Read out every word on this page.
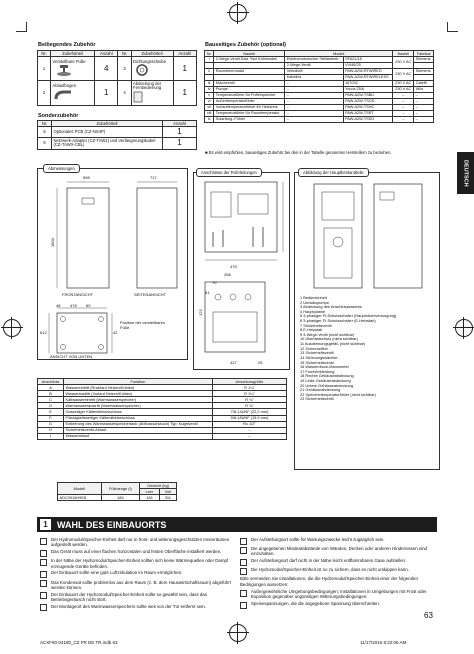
DEUTSCH
Beiliegendes Zubehör
Nr.	Zubehörteil	Anzahl	Nr.	Zubehörteil	Anzahl
1	Verstellbare Füße	4	3	Dichtungsscheibe	1
2	Ablaufbogen	1	4	Abdeckung der Fernbedienung	1
Sonderzubehör
Nr.	Zubehörteil	Anzahl
5	Optionales PCB (CZ-NS4P)	1
6	Netzwerk-Adapter (CZ-TAW1) und Verlängerungskabel (CZ-TAWX-CBL)	1
Bauseitiges Zubehör (optional)
Nr.	Bauteil	Modell		Bauteil	Fabrikat
i	2-Wege-Ventil-Satz *Nur Kühlmodell	Elektromotorischer Stellantrieb	SFA21/18	230 V AC	Siemens
		2-Wege-Ventil	VVI46/25		
ii	Raumthermostat	Verkabelt	PAW-A2W-RTWIRED	230 V AC	Siemens
		Kabellos	PAW-A2W-RTWIRELESS		
iii	Mischventil	–	167032	230 V AC	Caleffi
iv	Pumpe	–	Yonos 25/6	230 V AC	Wilo
v	Temperaturfühler für Pufferspeicher	–	PAW-A2W-TSBU	–	–
vi	Außentemperaturfühler	–	PAW-A2W-TSOD	–	–
vii	Vorlauftemperaturfühler für Heizkreis	–	PAW-A2W-TSHC	–	–
viii	Temperaturfühler für Raumtemperatur	–	PAW-A2W-TSRT	–	–
ix	Solarfang.-Fühler	–	PAW-A2W-TSSO	–	–
■ Es wird empfohlen, bauseitiges Zubehör bei den in der Tabelle genannten Herstellern zu beziehen.
Abmessungen
598	717
1800
FRONTANSICHT	SEITENANSICHT
48 478 60
612	42
Position der verstellbaren Füße
ANSICHT VON UNTEN
Anschlüsse der Rohrleitungen
475
258
70
61
122
427	25
Abbildung der Hauptbestandteile
1 Bedieneinheit
2 Umwälzpumpe
3 Abdeckung des Anschlusskastens
4 Hauptplatine
5 3-phasiger FI-Schutzschalter (Hauptstromversorgung)
6 3-phasiger FI-Schutzschalter (E-Heizstab)
7 Sicherheitsventil
8 E-Heizstab
9 3-Wege-Ventil (nicht sichtbar)
10 Überlastschutz (nicht sichtbar)
11 Ausdehnungsgefäß (nicht sichtbar)
12 Schmutzfilter
13 Sicherheitsventil
14 Strömungswächter
15 Sicherheitsventil
16 Wasserdruck-Manometer
17 Frontverkleidung
18 Rechte Gehäuseabdeckung
19 Linke Gehäuseabdeckung
20 Untere Gehäuseabdeckung
21 Gehäuseabdeckung
22 Speichertemperaturfühler (nicht sichtbar)
23 Sicherheitsventil
Anschluss	Funktion	Anschlussgröße
A	Wassereintritt (Rücklauf Heizen/Kühlen)	R 1¼"
B	Wasseraustritt (Vorlauf Heizen/Kühlen)	R 1¼"
C	Kaltwassereintritt (Warmwasserspeicher)	R ¾"
D	Warmwasseraustritt (Warmwasserspeicher)	R ¾"
E	Gasseitiger Kältemittelanschluss	7/8-14UNF (22,2 mm)
F	Flüssigkeitsseitiger Kältemittelanschluss	5/8-18UNF (15,9 mm)
G	Entleerung des Warmwasserspeichertank (Abflussschlauch) Typ: Kugelventil	Rc 1/2"
H	Sicherheitsventil-Ablauf	–
I	Wasserablauf	–
Modell	Füllmenge (l)	Gewicht (kg)	
		Leer	Voll
ADC0916H9E8	185	126	311
1	WAHL DES EINBAUORTS
Der Hydromodul/Speicher-Einheit darf nur in frost- und witterungsgeschützten Innenräumen aufgestellt werden.
Das Gerät muss auf einer flachen horizontalen und festen Oberfläche installiert werden.
In der Nähe der Hydromodul/Speicher-Einheit sollten sich keine Wärmequellen oder Dampf erzeugende Geräte befinden.
Der Einbauort sollte eine gute Luftzirkulation im Raum ermöglichen.
Das Kondensat sollte problemlos aus dem Raum (z. B. dem Hauswirtschaftsraum) abgeführt werden können.
Der Einbauort der Hydromodul/Speicher-Einheit sollte so gewählt sein, dass das Betriebsgeräusch nicht stört.
Der Montageort des Warmwasserspeichers sollte weit von der Tür entfernt sein.
Der Aufstellungsort sollte für Wartungszwecke leicht zugänglich sein.
Die angegebenen Mindestabstände von Wänden, Decken oder anderen Hindernissen sind einzuhalten.
Der Aufstellungsort darf nicht in der Nähe leicht entflammbaren Gase aufstellen.
Die Hydromodul/Speicher-Einheit ist so zu sichern, dass es nicht umkippen kann.
Bitte vermeiden Sie Installationen, die die Hydromodul/Speicher-Einheit einer der folgenden Bedingungen aussetzen:
Außergewöhnliche Umgebungsbedingungen; Installationen in Umgebungen mit Frost oder Exposition gegenüber ungünstigen Witterungsbedingungen.
Speisespannungen, die die angegebene Spannung überschreiten.
63
ACXF60-04180_CZ FR DE TR.indb 63	11/17/2016 9:22:06 AM
